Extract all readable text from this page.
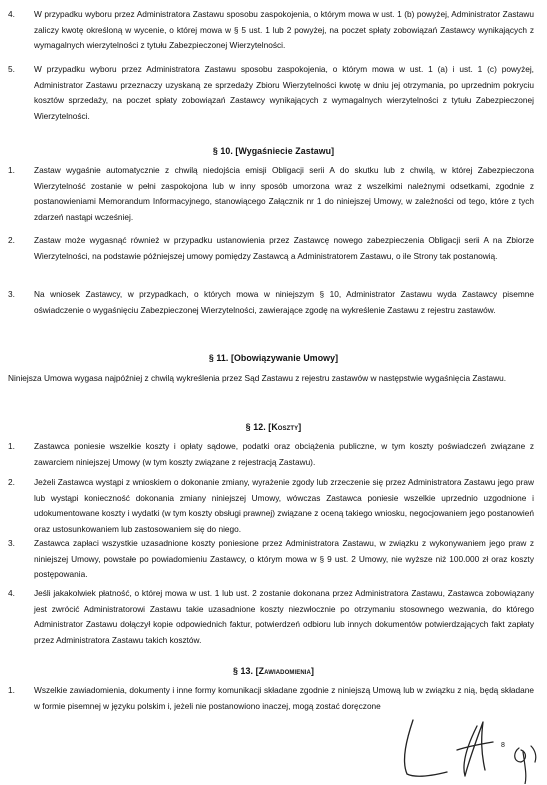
4.	W przypadku wyboru przez Administratora Zastawu sposobu zaspokojenia, o którym mowa w ust. 1 (b) powyżej, Administrator Zastawu zaliczy kwotę określoną w wycenie, o której mowa w § 5 ust. 1 lub 2 powyżej, na poczet spłaty zobowiązań Zastawcy wynikających z wymagalnych wierzytelności z tytułu Zabezpieczonej Wierzytelności.
5.	W przypadku wyboru przez Administratora Zastawu sposobu zaspokojenia, o którym mowa w ust. 1 (a) i ust. 1 (c) powyżej, Administrator Zastawu przeznaczy uzyskaną ze sprzedaży Zbioru Wierzytelności kwotę w dniu jej otrzymania, po uprzednim pokryciu kosztów sprzedaży, na poczet spłaty zobowiązań Zastawcy wynikających z wymagalnych wierzytelności z tytułu Zabezpieczonej Wierzytelności.
§ 10. [Wygaśniecie Zastawu]
1.	Zastaw wygaśnie automatycznie z chwilą niedojścia emisji Obligacji serii A do skutku lub z chwilą, w której Zabezpieczona Wierzytelność zostanie w pełni zaspokojona lub w inny sposób umorzona wraz z wszelkimi należnymi odsetkami, zgodnie z postanowieniami Memorandum Informacyjnego, stanowiącego Załącznik nr 1 do niniejszej Umowy, w zależności od tego, które z tych zdarzeń nastąpi wcześniej.
2.	Zastaw może wygasnąć również w przypadku ustanowienia przez Zastawcę nowego zabezpieczenia Obligacji serii A na Zbiorze Wierzytelności, na podstawie późniejszej umowy pomiędzy Zastawcą a Administratorem Zastawu, o ile Strony tak postanowią.
3.	Na wniosek Zastawcy, w przypadkach, o których mowa w niniejszym § 10, Administrator Zastawu wyda Zastawcy pisemne oświadczenie o wygaśnięciu Zabezpieczonej Wierzytelności, zawierające zgodę na wykreślenie Zastawu z rejestru zastawów.
§ 11. [Obowiązywanie Umowy]
Niniejsza Umowa wygasa najpóźniej z chwilą wykreślenia przez Sąd Zastawu z rejestru zastawów w następstwie wygaśnięcia Zastawu.
§ 12. [Koszty]
1.	Zastawca poniesie wszelkie koszty i opłaty sądowe, podatki oraz obciążenia publiczne, w tym koszty poświadczeń związane z zawarciem niniejszej Umowy (w tym koszty związane z rejestracją Zastawu).
2.	Jeżeli Zastawca wystąpi z wnioskiem o dokonanie zmiany, wyrażenie zgody lub zrzeczenie się przez Administratora Zastawu jego praw lub wystąpi konieczność dokonania zmiany niniejszej Umowy, wówczas Zastawca poniesie wszelkie uprzednio uzgodnione i udokumentowane koszty i wydatki (w tym koszty obsługi prawnej) związane z oceną takiego wniosku, negocjowaniem jego postanowień oraz ustosunkowaniem lub zastosowaniem się do niego.
3.	Zastawca zapłaci wszystkie uzasadnione koszty poniesione przez Administratora Zastawu, w związku z wykonywaniem jego praw z niniejszej Umowy, powstałe po powiadomieniu Zastawcy, o którym mowa w § 9 ust. 2 Umowy, nie wyższe niż 100.000 zł oraz koszty postępowania.
4.	Jeśli jakakolwiek płatność, o której mowa w ust. 1 lub ust. 2 zostanie dokonana przez Administratora Zastawu, Zastawca zobowiązany jest zwrócić Administratorowi Zastawu takie uzasadnione koszty niezwłocznie po otrzymaniu stosownego wezwania, do którego Administrator Zastawu dołączył kopie odpowiednich faktur, potwierdzeń odbioru lub innych dokumentów potwierdzających fakt zapłaty przez Administratora Zastawu takich kosztów.
§ 13. [Zawiadomienia]
1.	Wszelkie zawiadomienia, dokumenty i inne formy komunikacji składane zgodnie z niniejszą Umową lub w związku z nią, będą składane w formie pisemnej w języku polskim i, jeżeli nie postanowiono inaczej, mogą zostać doręczone
8
